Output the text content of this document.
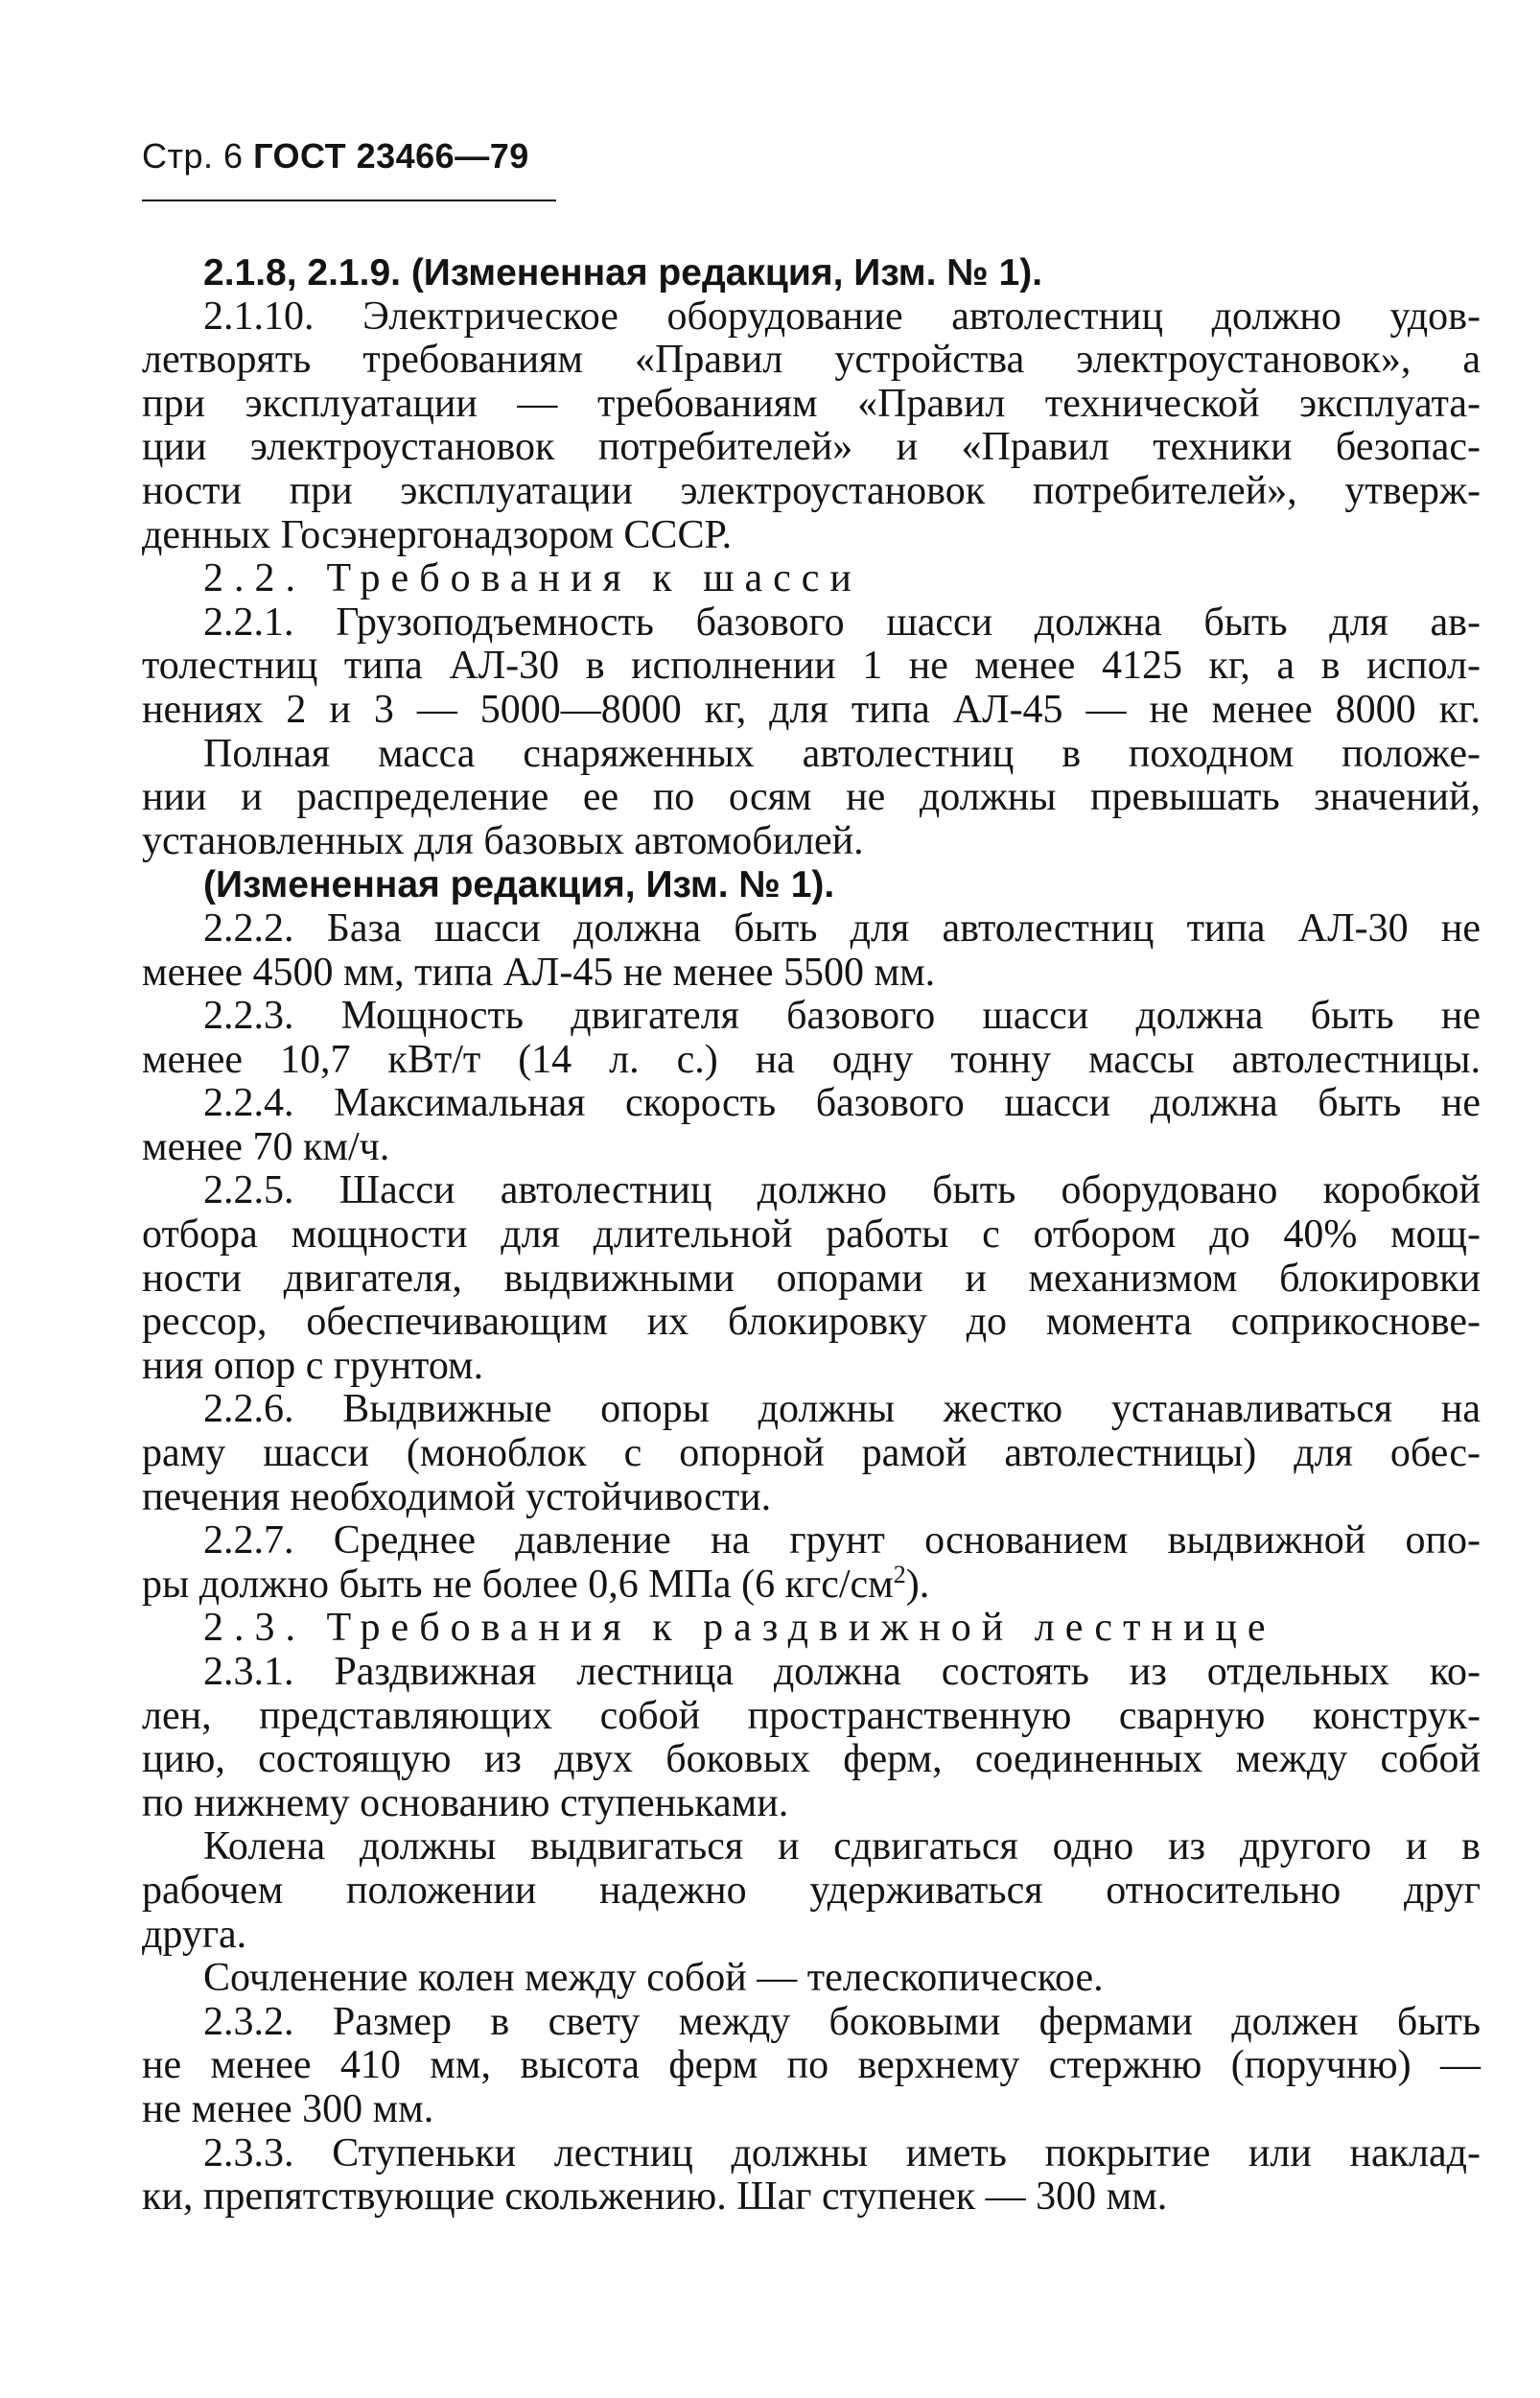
Стр. 6 ГОСТ 23466—79
2.1.8, 2.1.9. (Измененная редакция, Изм. № 1).
2.1.10. Электрическое оборудование автолестниц должно удов-
летворять требованиям «Правил устройства электроустановок», а
при эксплуатации — требованиям «Правил технической эксплуата-
ции электроустановок потребителей» и «Правил техники безопас-
ности при эксплуатации электроустановок потребителей», утверж-
денных Госэнергонадзором СССР.
2.2. Требования к шасси
2.2.1. Грузоподъемность базового шасси должна быть для ав-
толестниц типа АЛ-30 в исполнении 1 не менее 4125 кг, а в испол-
нениях 2 и 3 — 5000—8000 кг, для типа АЛ-45 — не менее 8000 кг.
Полная масса снаряженных автолестниц в походном положе-
нии и распределение ее по осям не должны превышать значений,
установленных для базовых автомобилей.
(Измененная редакция, Изм. № 1).
2.2.2. База шасси должна быть для автолестниц типа АЛ-30 не
менее 4500 мм, типа АЛ-45 не менее 5500 мм.
2.2.3. Мощность двигателя базового шасси должна быть не
менее 10,7 кВт/т (14 л. с.) на одну тонну массы автолестницы.
2.2.4. Максимальная скорость базового шасси должна быть не
менее 70 км/ч.
2.2.5. Шасси автолестниц должно быть оборудовано коробкой
отбора мощности для длительной работы с отбором до 40% мощ-
ности двигателя, выдвижными опорами и механизмом блокировки
рессор, обеспечивающим их блокировку до момента соприкоснове-
ния опор с грунтом.
2.2.6. Выдвижные опоры должны жестко устанавливаться на
раму шасси (моноблок с опорной рамой автолестницы) для обес-
печения необходимой устойчивости.
2.2.7. Среднее давление на грунт основанием выдвижной опо-
ры должно быть не более 0,6 МПа (6 кгс/$см^2$).
2.3. Требования к раздвижной лестнице
2.3.1. Раздвижная лестница должна состоять из отдельных ко-
лен, представляющих собой пространственную сварную конструк-
цию, состоящую из двух боковых ферм, соединенных между собой
по нижнему основанию ступеньками.
Колена должны выдвигаться и сдвигаться одно из другого и в
рабочем положении надежно удерживаться относительно друг
друга.
Сочленение колен между собой — телескопическое.
2.3.2. Размер в свету между боковыми фермами должен быть
не менее 410 мм, высота ферм по верхнему стержню (поручню) —
не менее 300 мм.
2.3.3. Ступеньки лестниц должны иметь покрытие или наклад-
ки, препятствующие скольжению. Шаг ступенек — 300 мм.
